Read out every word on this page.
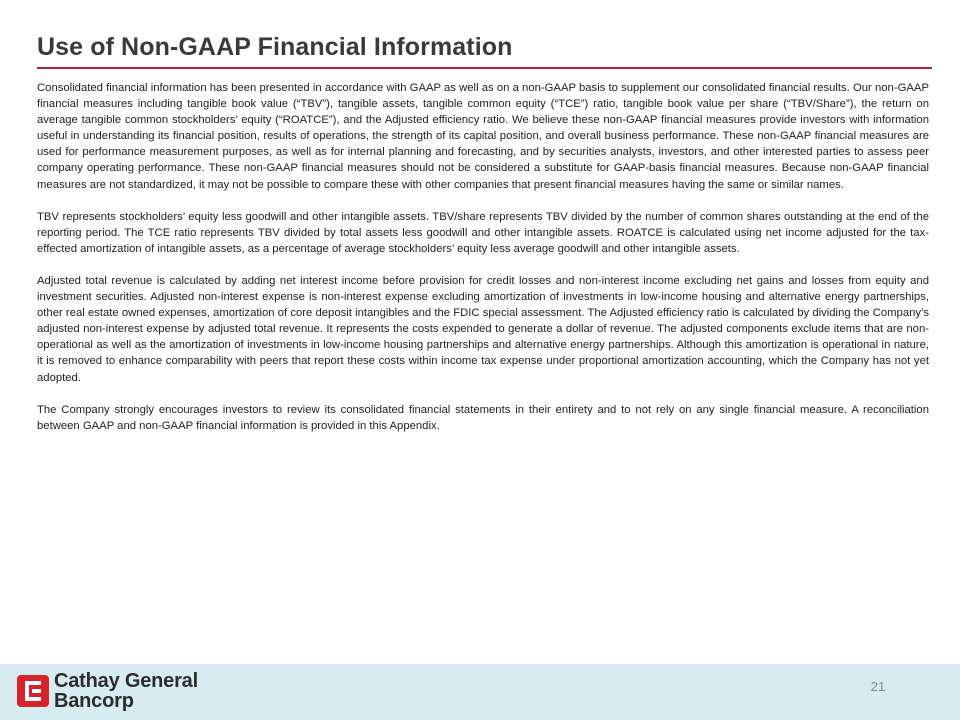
Use of Non-GAAP Financial Information

Consolidated financial information has been presented in accordance with GAAP as well as on a non-GAAP basis to supplement our consolidated financial results. Our non-GAAP financial measures including tangible book value (“TBV”), tangible assets, tangible common equity (“TCE”) ratio, tangible book value per share (“TBV/Share”), the return on average tangible common stockholders’ equity (“ROATCE”), and the Adjusted efficiency ratio. We believe these non-GAAP financial measures provide investors with information useful in understanding its financial position, results of operations, the strength of its capital position, and overall business performance. These non-GAAP financial measures are used for performance measurement purposes, as well as for internal planning and forecasting, and by securities analysts, investors, and other interested parties to assess peer company operating performance. These non-GAAP financial measures should not be considered a substitute for GAAP-basis financial measures. Because non-GAAP financial measures are not standardized, it may not be possible to compare these with other companies that present financial measures having the same or similar names.

TBV represents stockholders’ equity less goodwill and other intangible assets. TBV/share represents TBV divided by the number of common shares outstanding at the end of the reporting period. The TCE ratio represents TBV divided by total assets less goodwill and other intangible assets. ROATCE is calculated using net income adjusted for the tax-effected amortization of intangible assets, as a percentage of average stockholders’ equity less average goodwill and other intangible assets.

Adjusted total revenue is calculated by adding net interest income before provision for credit losses and non-interest income excluding net gains and losses from equity and investment securities. Adjusted non-interest expense is non-interest expense excluding amortization of investments in low-income housing and alternative energy partnerships, other real estate owned expenses, amortization of core deposit intangibles and the FDIC special assessment. The Adjusted efficiency ratio is calculated by dividing the Company’s adjusted non-interest expense by adjusted total revenue. It represents the costs expended to generate a dollar of revenue. The adjusted components exclude items that are non-operational as well as the amortization of investments in low-income housing partnerships and alternative energy partnerships. Although this amortization is operational in nature, it is removed to enhance comparability with peers that report these costs within income tax expense under proportional amortization accounting, which the Company has not yet adopted.

The Company strongly encourages investors to review its consolidated financial statements in their entirety and to not rely on any single financial measure. A reconciliation between GAAP and non-GAAP financial information is provided in this Appendix.

Cathay General
Bancorp
21
